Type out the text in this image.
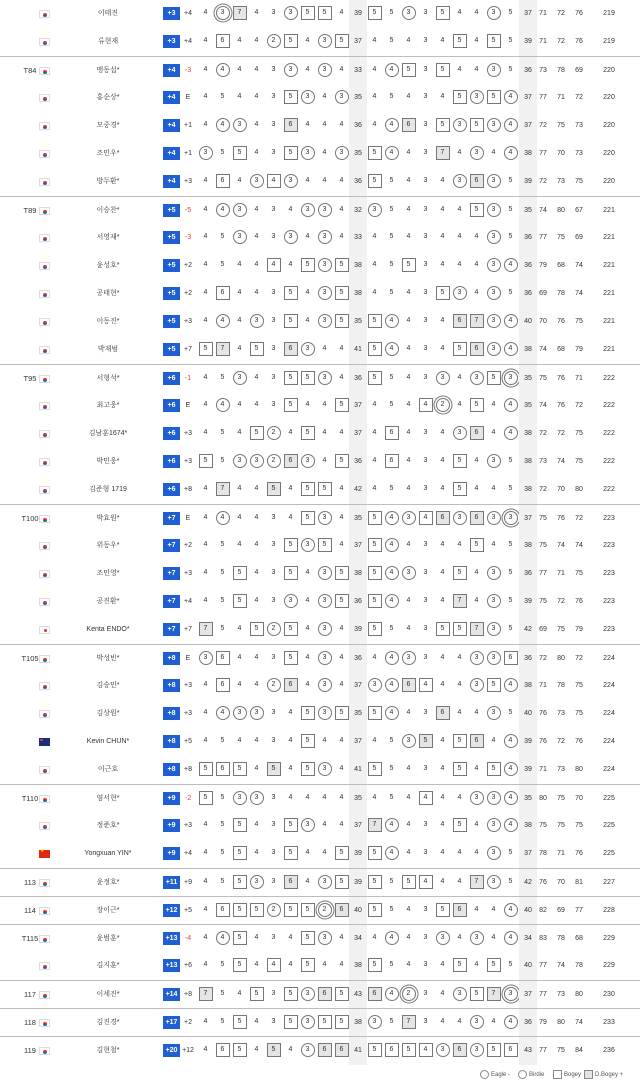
이태진	+3	+4	4	3	7	4	3	3	5	5	4	39	5	5	3	3	5	4	4	3	5	37	71	72	76	219
류현재	+3	+4	4	6	4	4	2	5	4	3	5	37	4	5	4	3	4	5	4	5	5	39	71	72	76	219
T84	맹동섭*	+4	-3	4	4	4	4	3	3	4	3	4	33	4	4	5	3	5	4	4	3	5	36	73	78	69	220
홍순상*	+4	E	4	5	4	4	3	5	3	4	3	35	4	5	4	3	4	5	3	5	4	37	77	71	72	220
모중경*	+4	+1	4	4	3	4	3	6	4	4	4	36	4	4	6	3	5	3	5	3	4	37	72	75	73	220
조민우*	+4	+1	3	5	5	4	3	5	3	4	3	35	5	4	4	3	7	4	3	4	4	38	77	70	73	220
방두환*	+4	+3	4	6	4	3	4	3	4	4	4	36	5	5	4	3	4	3	6	3	5	39	72	73	75	220
T89	이승찬*	+5	-5	4	4	3	4	3	4	3	3	4	32	3	5	4	3	4	4	5	3	5	35	74	80	67	221
서영재*	+5	-3	4	5	3	4	3	3	4	3	4	33	4	5	4	3	4	4	4	3	5	36	77	75	69	221
윤성호*	+5	+2	4	5	4	4	4	4	5	3	5	38	4	5	5	3	4	4	4	3	4	36	79	68	74	221
공태현*	+5	+2	4	6	4	4	3	5	4	3	5	38	4	5	4	3	5	3	4	3	5	36	69	78	74	221
이동진*	+5	+3	4	4	4	3	3	5	4	3	5	35	5	4	4	3	4	6	7	3	4	40	70	76	75	221
박재범	+5	+7	5	7	4	5	3	6	3	4	4	41	5	4	4	3	4	5	6	3	4	38	74	68	79	221
T95	서형석*	+6	-1	4	5	3	4	3	5	5	3	4	36	5	5	4	3	3	4	3	5	3	35	75	76	71	222
최고웅*	+6	E	4	4	4	4	3	5	4	4	5	37	4	5	4	4	2	4	5	4	4	35	74	76	72	222
김남훈1674*	+6	+3	4	5	4	5	2	4	5	4	4	37	4	6	4	3	4	3	6	4	4	38	72	72	75	222
박민웅*	+6	+3	5	5	3	3	2	6	3	4	5	36	4	6	4	3	4	5	4	3	5	38	73	74	75	222
김준형 1719	+6	+8	4	7	4	4	5	4	5	5	4	42	4	5	4	3	4	5	4	4	5	38	72	70	80	222
T100	박효원*	+7	E	4	4	4	4	3	4	5	3	4	35	5	4	3	4	6	3	6	3	3	37	75	76	72	223
위동우*	+7	+2	4	5	4	4	3	5	3	5	4	37	5	4	4	3	4	4	5	4	5	38	75	74	74	223
조민영*	+7	+3	4	5	5	4	3	5	4	3	5	38	5	4	3	3	4	5	4	3	5	36	77	71	75	223
공진환*	+7	+4	4	5	5	4	3	3	4	3	5	36	5	4	4	3	4	7	4	3	5	39	75	72	76	223
Kenta ENDO*	+7	+7	7	5	4	5	2	5	4	3	4	39	5	5	4	3	5	5	7	3	5	42	69	75	79	223
T105	박성빈*	+8	E	3	6	4	4	3	5	4	3	4	36	4	4	3	3	4	4	3	3	6	36	72	80	72	224
김승민*	+8	+3	4	6	4	4	2	6	4	3	4	37	3	4	6	4	4	4	3	5	4	38	71	78	75	224
김상원*	+8	+3	4	4	3	3	3	4	5	3	5	35	5	4	4	3	6	4	4	3	5	40	76	73	75	224
Kevin CHUN*	+8	+5	4	5	4	4	3	4	5	4	4	37	4	5	3	5	4	5	6	4	4	39	76	72	76	224
이근호	+8	+8	5	6	5	4	5	4	5	3	4	41	5	5	4	3	4	5	4	5	4	39	71	73	80	224
T110	염서현*	+9	-2	5	5	3	3	3	4	4	4	4	35	4	5	4	4	4	4	3	3	4	35	80	75	70	225
정준호*	+9	+3	4	5	5	4	3	5	3	4	4	37	7	4	4	3	4	5	4	3	4	38	75	75	75	225
★
Yongxuan YIN*	+9	+4	4	5	5	4	3	5	4	4	5	39	5	4	4	3	4	4	4	3	5	37	78	71	76	225
113	윤정호*	+11 +9	4	5	5	3	3	6	4	3	5	39	5	5	5	4	4	4	7	3	5	42	76	70	81	227
114	장이근*	+12 +5	4	6	5	5	2	5	5	2	6	40	5	5	4	3	5	6	4	4	4	40	82	69	77	228
T115	윤범훈*	+13	-4	4	4	5	4	3	4	5	3	4	34	4	4	4	3	3	4	3	4	4	34	83	78	68	229
김지훈*	+13 +6	4	5	5	4	4	4	5	4	4	38	5	5	4	3	4	5	4	5	5	40	77	74	78	229
117	이세진*	+14 +8	7	5	4	5	3	5	3	6	5	43	6	4	2	3	4	3	5	7	3	37	77	73	80	230
118	김진경*	+17 +2	4	5	5	4	3	5	3	5	5	38	3	5	7	3	4	4	3	4	4	36	79	80	74	233
119	김현철*	+20 +12	4	6	5	4	5	4	3	6	6	41	5	6	5	4	3	6	3	5	6	43	77	75	84	236
Eagle -	Birdie	Bogey	D.Bogey +
